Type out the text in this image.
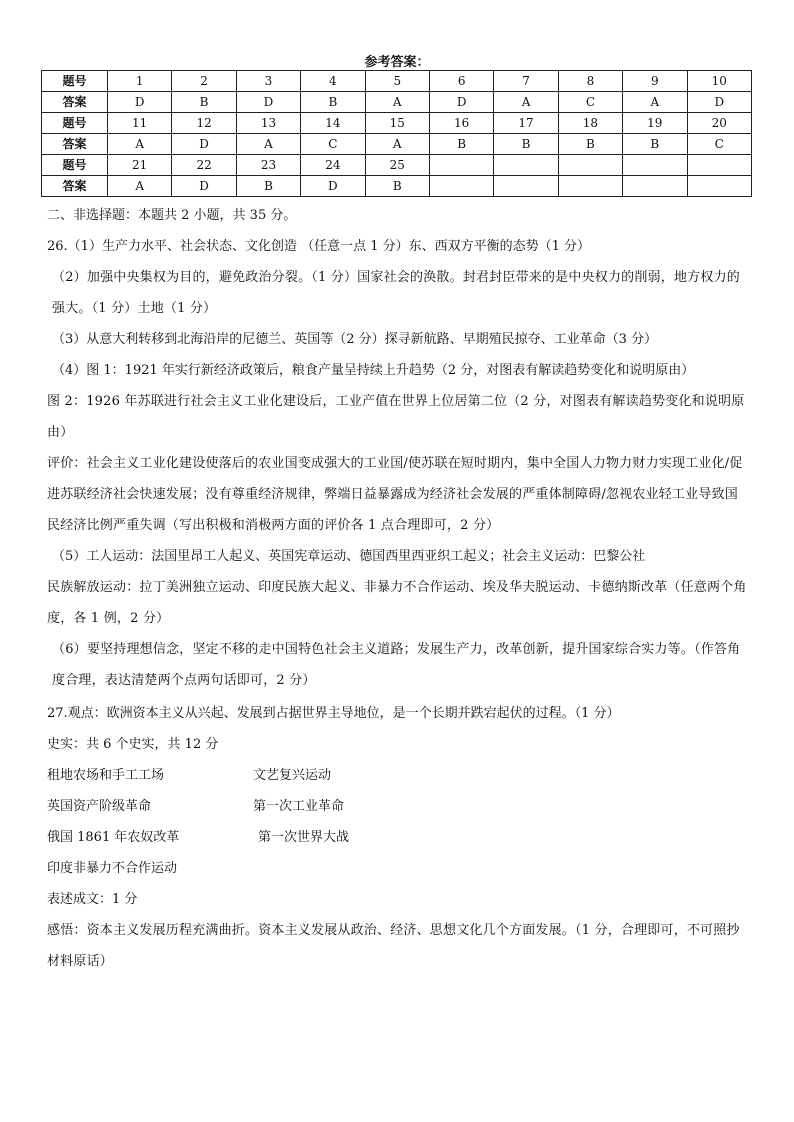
参考答案：
题号	1	2	3	4	5	6	7	8	9	10
答案	D	B	D	B	A	D	A	C	A	D
题号	11	12	13	14	15	16	17	18	19	20
答案	A	D	A	C	A	B	B	B	B	C
题号	21	22	23	24	25					
答案	A	D	B	D	B					
二、非选择题：本题共 2 小题，共 35 分。
26.（1）生产力水平、社会状态、文化创造 （任意一点 1 分）东、西双方平衡的态势（1 分）
（2）加强中央集权为目的，避免政治分裂。（1 分）国家社会的涣散。封君封臣带来的是中央权力的削弱，地方权力的强大。（1 分）土地（1 分）
（3）从意大利转移到北海沿岸的尼德兰、英国等（2 分）探寻新航路、早期殖民掠夺、工业革命（3 分）
（4）图 1：1921 年实行新经济政策后，粮食产量呈持续上升趋势（2 分，对图表有解读趋势变化和说明原由）
图 2：1926 年苏联进行社会主义工业化建设后，工业产值在世界上位居第二位（2 分，对图表有解读趋势变化和说明原由）
评价：社会主义工业化建设使落后的农业国变成强大的工业国/使苏联在短时期内，集中全国人力物力财力实现工业化/促进苏联经济社会快速发展；没有尊重经济规律，弊端日益暴露成为经济社会发展的严重体制障碍/忽视农业轻工业导致国民经济比例严重失调（写出积极和消极两方面的评价各 1 点合理即可，2 分）
（5）工人运动：法国里昂工人起义、英国宪章运动、德国西里西亚织工起义；社会主义运动：巴黎公社
民族解放运动：拉丁美洲独立运动、印度民族大起义、非暴力不合作运动、埃及华夫脱运动、卡德纳斯改革（任意两个角度，各 1 例，2 分）
（6）要坚持理想信念，坚定不移的走中国特色社会主义道路；发展生产力，改革创新，提升国家综合实力等。（作答角度合理，表达清楚两个点两句话即可，2 分）
27.观点：欧洲资本主义从兴起、发展到占据世界主导地位，是一个长期并跌宕起伏的过程。（1 分）
史实：共 6 个史实，共 12 分
租地农场和手工工场	文艺复兴运动
英国资产阶级革命	第一次工业革命
俄国 1861 年农奴改革	第一次世界大战
印度非暴力不合作运动
表述成文：1 分
感悟：资本主义发展历程充满曲折。资本主义发展从政治、经济、思想文化几个方面发展。（1 分，合理即可，不可照抄材料原话）
